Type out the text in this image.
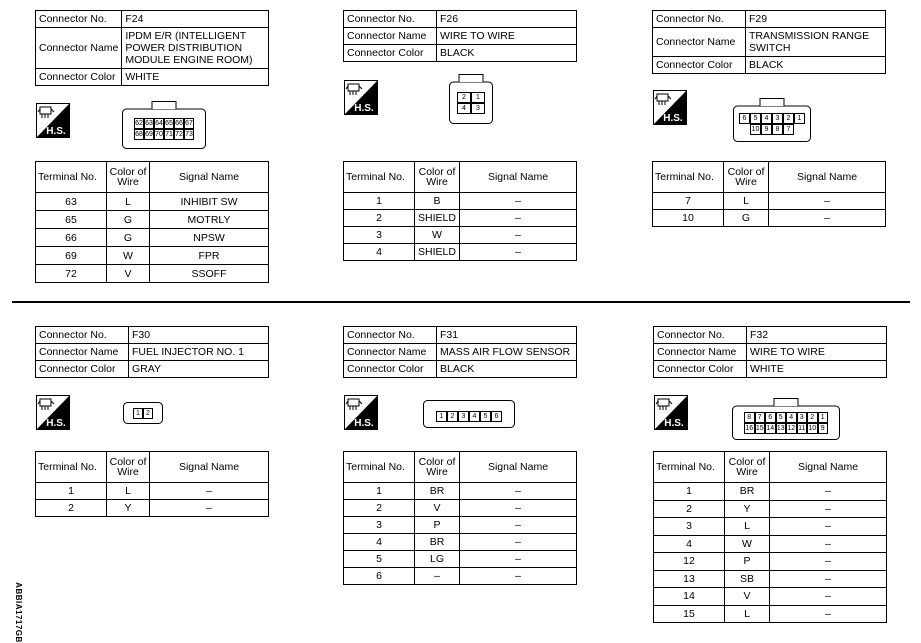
Connector No.	F24
Connector Name	IPDM E/R (INTELLIGENT POWER DISTRIBUTION MODULE ENGINE ROOM)
Connector Color	WHITE
H.S.
62 63 64 65 66 67
68 69 70 71 72 73
Terminal No.	Color of Wire	Signal Name
63	L	INHIBIT SW
65	G	MOTRLY
66	G	NPSW
69	W	FPR
72	V	SSOFF
Connector No.	F26
Connector Name	WIRE TO WIRE
Connector Color	BLACK
H.S.
2	1
4	3
Terminal No.	Color of Wire	Signal Name
1	B	–
2	SHIELD	–
3	W	–
4	SHIELD	–
Connector No.	F29
Connector Name	TRANSMISSION RANGE SWITCH
Connector Color	BLACK
H.S.	6	5	4	3	2	1
10 9	8	7
Terminal No.	Color of Wire	Signal Name
7	L	–
10	G	–
Connector No.	F30
Connector Name	FUEL INJECTOR NO. 1
Connector Color	GRAY
H.S.
1 2
Terminal No.	Color of Wire	Signal Name
1	L	–
2	Y	–
Connector No.	F31
Connector Name	MASS AIR FLOW SENSOR
Connector Color	BLACK
H.S.
1	2	3	4	5	6
Terminal No.	Color of Wire	Signal Name
1	BR	–
2	V	–
3	P	–
4	BR	–
5	LG	–
6	–	–
Connector No.	F32
Connector Name	WIRE TO WIRE
Connector Color	WHITE
H.S.
8 7 6 5 4 3 2 1
16 15 14 13 12 11 10 9
Terminal No.	Color of Wire	Signal Name
1	BR	–
2	Y	–
3	L	–
4	W	–
12	P	–
13	SB	–
14	V	–
15	L	–
ABBIA1717GB
